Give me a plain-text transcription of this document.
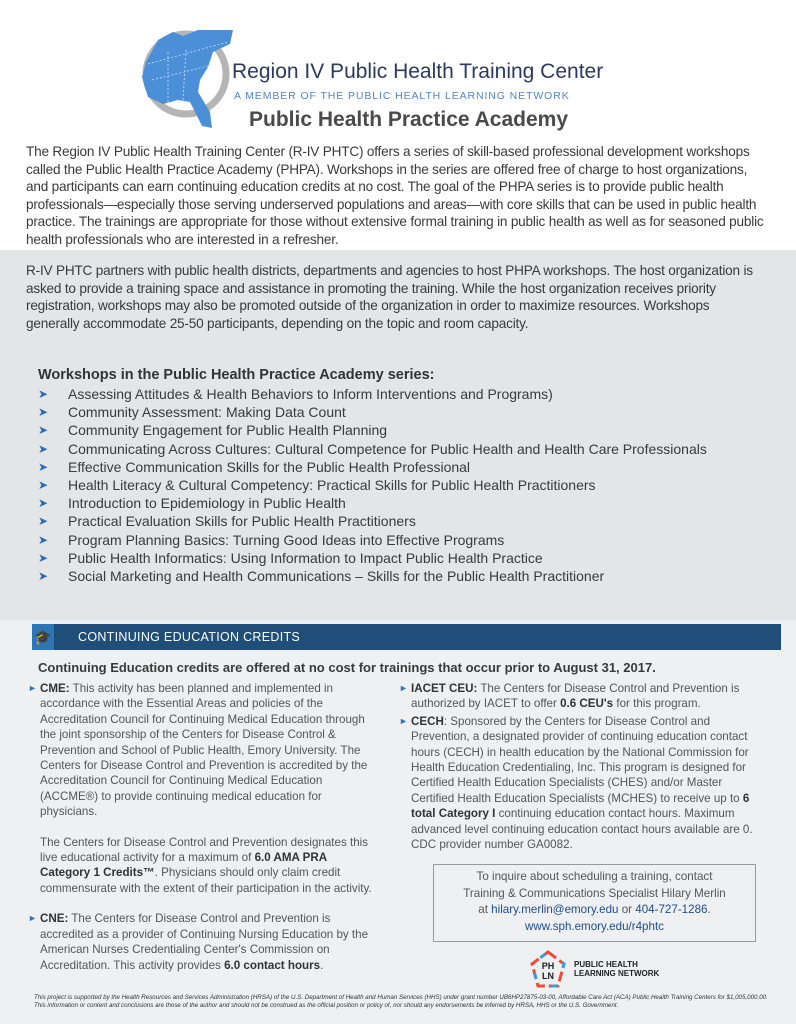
Region IV Public Health Training Center
A MEMBER OF THE PUBLIC HEALTH LEARNING NETWORK
Public Health Practice Academy

The Region IV Public Health Training Center (R-IV PHTC) offers a series of skill-based professional development workshops called the Public Health Practice Academy (PHPA). Workshops in the series are offered free of charge to host organizations, and participants can earn continuing education credits at no cost. The goal of the PHPA series is to provide public health professionals—especially those serving underserved populations and areas—with core skills that can be used in public health practice. The trainings are appropriate for those without extensive formal training in public health as well as for seasoned public health professionals who are interested in a refresher.

R-IV PHTC partners with public health districts, departments and agencies to host PHPA workshops. The host organization is asked to provide a training space and assistance in promoting the training. While the host organization receives priority registration, workshops may also be promoted outside of the organization in order to maximize resources. Workshops generally accommodate 25-50 participants, depending on the topic and room capacity.

Workshops in the Public Health Practice Academy series:
➤	Assessing Attitudes & Health Behaviors to Inform Interventions and Programs)
➤	Community Assessment: Making Data Count
➤	Community Engagement for Public Health Planning
➤	Communicating Across Cultures: Cultural Competence for Public Health and Health Care Professionals
➤	Effective Communication Skills for the Public Health Professional
➤	Health Literacy & Cultural Competency: Practical Skills for Public Health Practitioners
➤	Introduction to Epidemiology in Public Health
➤	Practical Evaluation Skills for Public Health Practitioners
➤	Program Planning Basics: Turning Good Ideas into Effective Programs
➤	Public Health Informatics: Using Information to Impact Public Health Practice
➤	Social Marketing and Health Communications – Skills for the Public Health Practitioner
🎓 CONTINUING EDUCATION CREDITS
Continuing Education credits are offered at no cost for trainings that occur prior to August 31, 2017.

► CME: This activity has been planned and implemented in accordance with the Essential Areas and policies of the Accreditation Council for Continuing Medical Education through the joint sponsorship of the Centers for Disease Control & Prevention and School of Public Health, Emory University. The Centers for Disease Control and Prevention is accredited by the Accreditation Council for Continuing Medical Education (ACCME®) to provide continuing medical education for physicians.

The Centers for Disease Control and Prevention designates this live educational activity for a maximum of 6.0 AMA PRA Category 1 Credits™. Physicians should only claim credit commensurate with the extent of their participation in the activity.

► CNE: The Centers for Disease Control and Prevention is accredited as a provider of Continuing Nursing Education by the American Nurses Credentialing Center's Commission on Accreditation. This activity provides 6.0 contact hours.

► IACET CEU: The Centers for Disease Control and Prevention is authorized by IACET to offer 0.6 CEU's for this program.

► CECH: Sponsored by the Centers for Disease Control and Prevention, a designated provider of continuing education contact hours (CECH) in health education by the National Commission for Health Education Credentialing, Inc. This program is designed for Certified Health Education Specialists (CHES) and/or Master Certified Health Education Specialists (MCHES) to receive up to 6 total Category I continuing education contact hours. Maximum advanced level continuing education contact hours available are 0. CDC provider number GA0082.

To inquire about scheduling a training, contact
Training & Communications Specialist Hilary Merlin
at hilary.merlin@emory.edu or 404-727-1286.
www.sph.emory.edu/r4phtc
PH
LN
PUBLIC HEALTH
LEARNING NETWORK
This project is supported by the Health Resources and Services Administration (HRSA) of the U.S. Department of Health and Human Services (HHS) under grant number UB6HP27875-03-00, Affordable Care Act (ACA) Public Health Training Centers for $1,005,000.00. This information or content and conclusions are those of the author and should not be construed as the official position or policy of, nor should any endorsements be inferred by HRSA, HHS or the U.S. Government.
